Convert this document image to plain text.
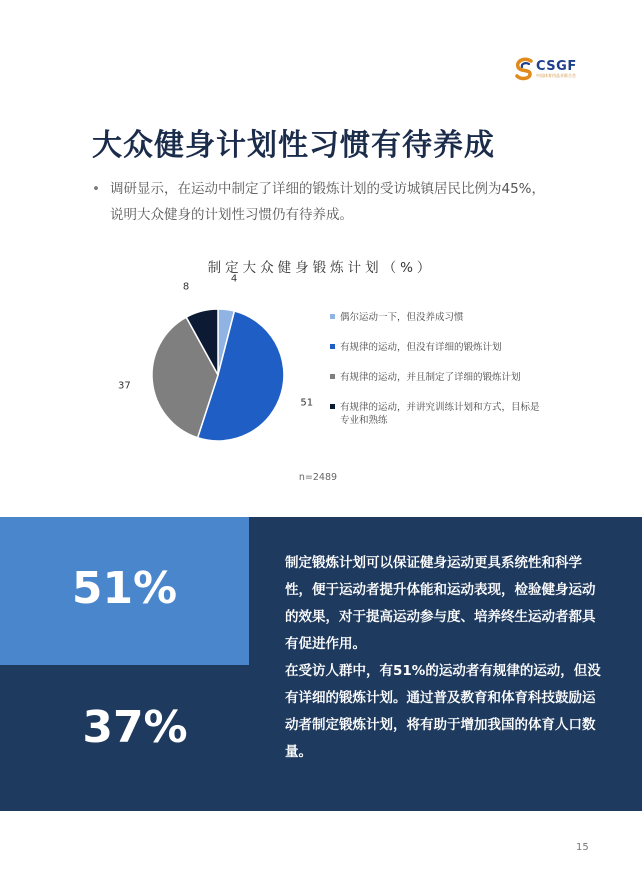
CSGF
中国体育用品业联合会
大众健身计划性习惯有待养成
• 调研显示，在运动中制定了详细的锻炼计划的受访城镇居民比例为45%，
说明大众健身的计划性习惯仍有待养成。
制定大众健身锻炼计划（%）
4
51
37
8
偶尔运动一下，但没养成习惯
有规律的运动，但没有详细的锻炼计划
有规律的运动，并且制定了详细的锻炼计划
有规律的运动，并讲究训练计划和方式，目标是
专业和熟练
n=2489
51%
37%

制定锻炼计划可以保证健身运动更具系统性和科学性，便于运动者提升体能和运动表现，检验健身运动的效果，对于提高运动参与度、培养终生运动者都具有促进作用。

在受访人群中，有51%的运动者有规律的运动，但没有详细的锻炼计划。通过普及教育和体育科技鼓励运动者制定锻炼计划，将有助于增加我国的体育人口数量。

15
